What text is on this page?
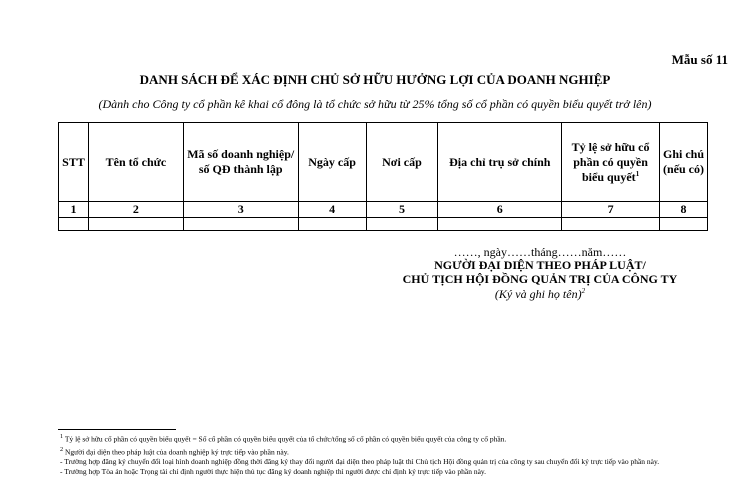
Mẫu số 11
DANH SÁCH ĐỂ XÁC ĐỊNH CHỦ SỞ HỮU HƯỞNG LỢI CỦA DOANH NGHIỆP
(Dành cho Công ty cổ phần kê khai cổ đông là tổ chức sở hữu từ 25% tổng số cổ phần có quyền biểu quyết trở lên)
STT	Tên tổ chức	Mã số doanh nghiệp/ số QĐ thành lập	Ngày cấp	Nơi cấp	Địa chỉ trụ sở chính	Tỷ lệ sở hữu cổ phần có quyền biểu quyết$^1$	Ghi chú (nếu có)
1	2	3	4	5	6	7	8

……, ngày……tháng……năm……
NGƯỜI ĐẠI DIỆN THEO PHÁP LUẬT/
CHỦ TỊCH HỘI ĐỒNG QUẢN TRỊ CỦA CÔNG TY
(Ký và ghi họ tên)$^2$
$^1$ Tỷ lệ sở hữu cổ phần có quyền biểu quyết = Số cổ phần có quyền biểu quyết của tổ chức/tổng số cổ phần có quyền biểu quyết của công ty cổ phần.
$^2$ Người đại diện theo pháp luật của doanh nghiệp ký trực tiếp vào phần này.
- Trường hợp đăng ký chuyển đổi loại hình doanh nghiệp đồng thời đăng ký thay đổi người đại diện theo pháp luật thì Chủ tịch Hội đồng quản trị của công ty sau chuyển đổi ký trực tiếp vào phần này.
- Trường hợp Tòa án hoặc Trọng tài chỉ định người thực hiện thủ tục đăng ký doanh nghiệp thì người được chỉ định ký trực tiếp vào phần này.
